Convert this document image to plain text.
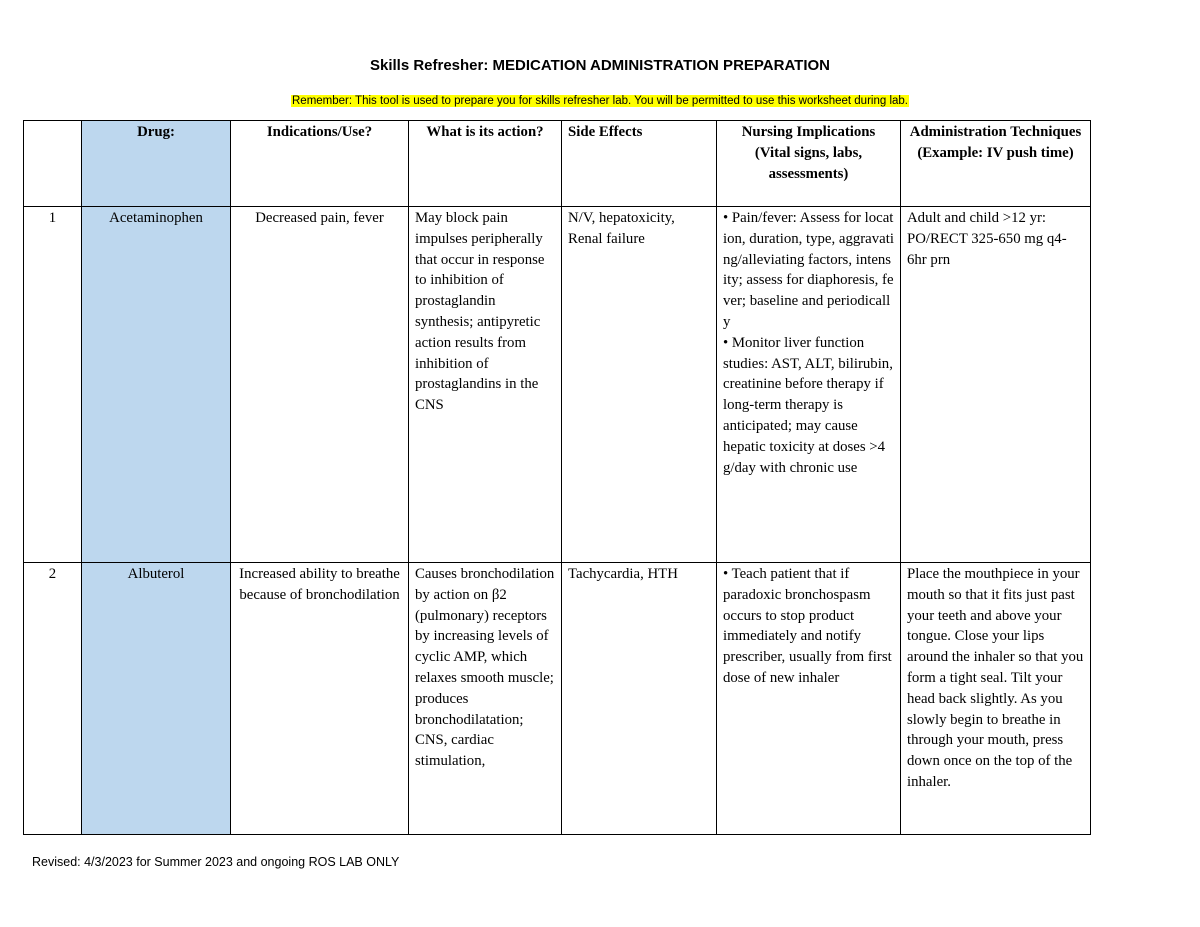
Skills Refresher: MEDICATION ADMINISTRATION PREPARATION
Remember: This tool is used to prepare you for skills refresher lab. You will be permitted to use this worksheet during lab.
	Drug:	Indications/Use?	What is its action?	Side Effects	Nursing Implications (Vital signs, labs, assessments)	Administration Techniques (Example: IV push time)

1	Acetaminophen	Decreased pain, fever	May block pain impulses peripherally that occur in response to inhibition of prostaglandin synthesis; antipyretic action results from inhibition of prostaglandins in the CNS	N/V, hepatoxicity, Renal failure	• Pain/fever: Assess for location, duration, type, aggravating/alleviating factors, intensity; assess for diaphoresis, fever; baseline and periodically
• Monitor liver function studies: AST, ALT, bilirubin, creatinine before therapy if long-term therapy is anticipated; may cause hepatic toxicity at doses >4 g/day with chronic use	Adult and child >12 yr: PO/RECT 325-650 mg q4-6hr prn

2	Albuterol	Increased ability to breathe because of bronchodilation	Causes bronchodilation by action on β2 (pulmonary) receptors by increasing levels of cyclic AMP, which relaxes smooth muscle; produces bronchodilatation; CNS, cardiac stimulation,	Tachycardia, HTH	• Teach patient that if paradoxic bronchospasm occurs to stop product immediately and notify prescriber, usually from first dose of new inhaler	Place the mouthpiece in your mouth so that it fits just past your teeth and above your tongue. Close your lips around the inhaler so that you form a tight seal. Tilt your head back slightly. As you slowly begin to breathe in through your mouth, press down once on the top of the inhaler.
Revised: 4/3/2023 for Summer 2023 and ongoing ROS LAB ONLY
